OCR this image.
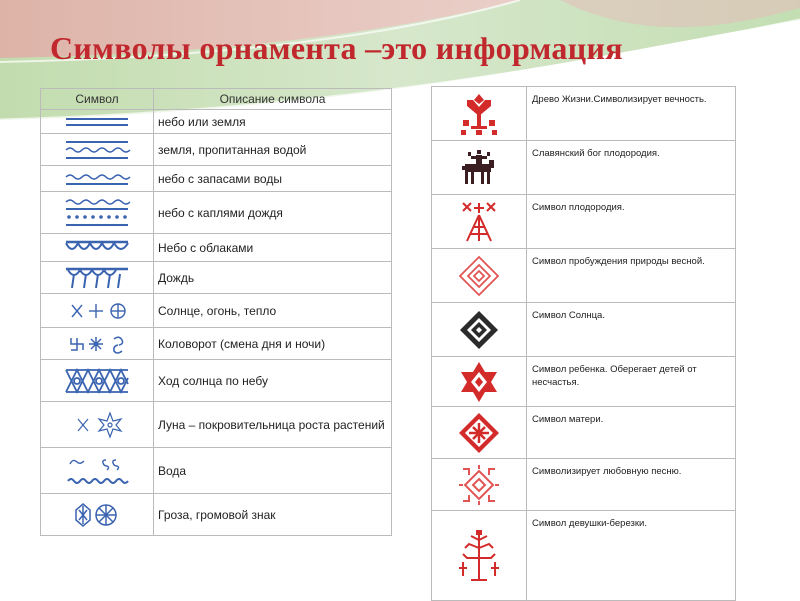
Символы орнамента –это информация
Символ	Описание символа

	небо или земля

	земля, пропитанная водой

	небо с запасами воды

	небо с каплями дождя

	Небо с облаками

	Дождь

	Солнце, огонь, тепло

	Коловорот (смена дня и ночи)

	Ход солнца по небу

	Луна – покровительница роста растений

	Вода

	Гроза, громовой знак
	Древо Жизни.Символизирует вечность.

	Славянский бог плодородия.

	Символ плодородия.

	Символ пробуждения природы весной.

	Символ Солнца.

	Символ ребенка. Оберегает детей от несчастья.

	Символ матери.

	Символизирует любовную песню.

	Символ девушки-березки.
